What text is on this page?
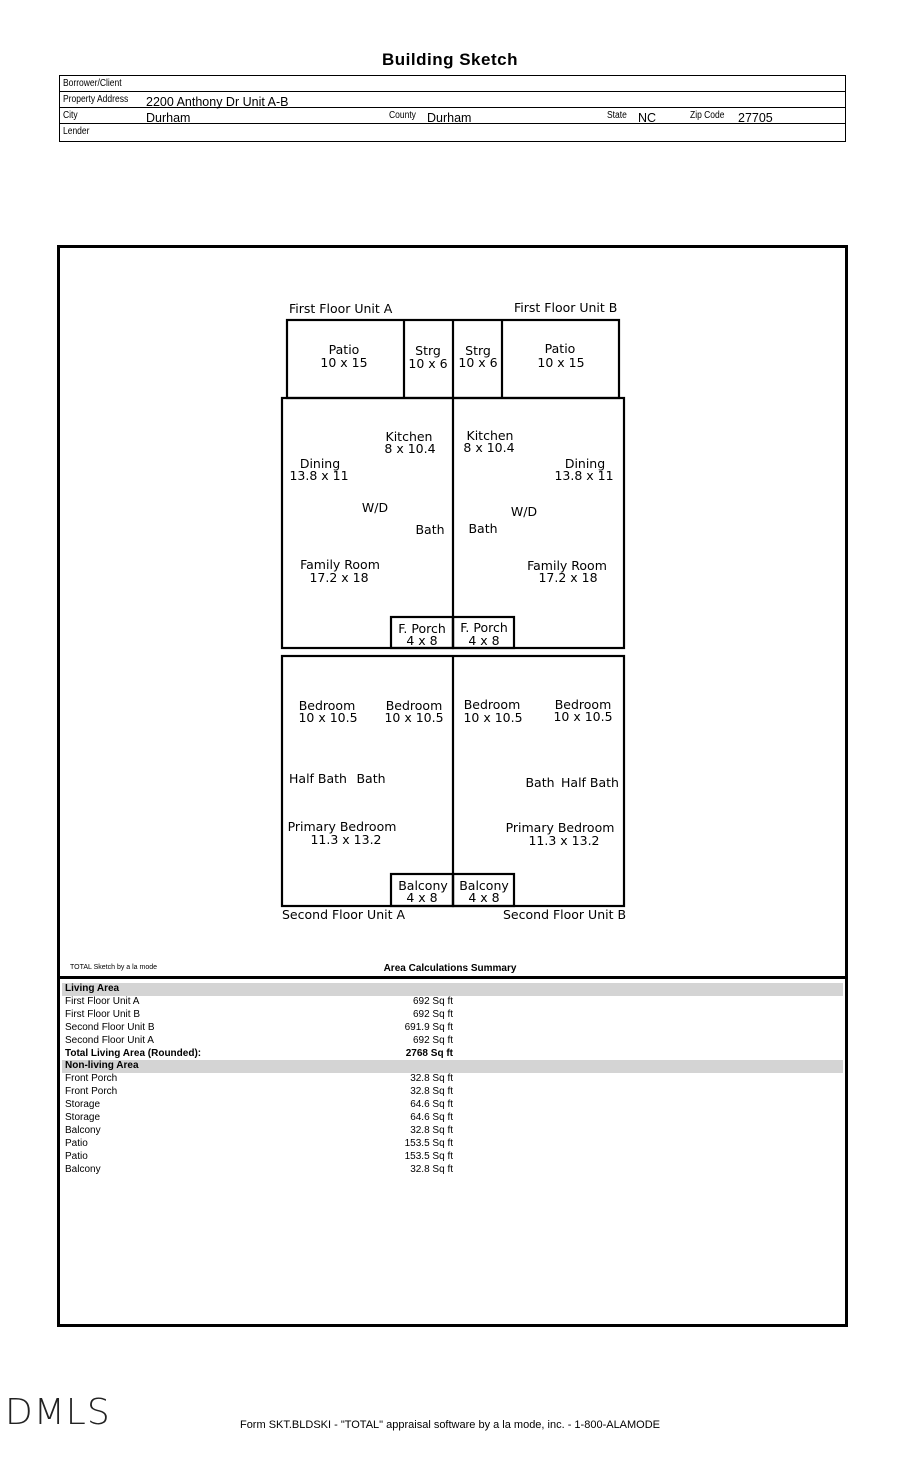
Building Sketch
Borrower/Client
Property Address 2200 Anthony Dr Unit A-B
City	Durham	County Durham	State NC	Zip Code 27705
Lender
First Floor Unit A	First Floor Unit B
Patio
10 x 15
Strg
10 x 6
Strg
10 x 6
Patio
10 x 15
Kitchen
8 x 10.4
Kitchen
8 x 10.4
Dining
13.8 x 11
Dining
13.8 x 11
W/D	W/D
Bath Bath
Family Room
17.2 x 18
Family Room
17.2 x 18
F. Porch
4 x 8
F. Porch
4 x 8
Bedroom
10 x 10.5
Bedroom
10 x 10.5
Bedroom
10 x 10.5
Bedroom
10 x 10.5
Half Bath Bath	Bath Half Bath
Primary Bedroom
11.3 x 13.2
Primary Bedroom
11.3 x 13.2
Balcony
4 x 8
Balcony
4 x 8
Second Floor Unit A	Second Floor Unit B
TOTAL Sketch by a la mode	Area Calculations Summary
Living Area
First Floor Unit A	692 Sq ft
First Floor Unit B	692 Sq ft
Second Floor Unit B	691.9 Sq ft
Second Floor Unit A	692 Sq ft
Total Living Area (Rounded):	2768 Sq ft
Non-living Area
Front Porch	32.8 Sq ft
Front Porch	32.8 Sq ft
Storage	64.6 Sq ft
Storage	64.6 Sq ft
Balcony	32.8 Sq ft
Patio	153.5 Sq ft
Patio	153.5 Sq ft
Balcony	32.8 Sq ft
DMLS	Form SKT.BLDSKI - "TOTAL" appraisal software by a la mode, inc. - 1-800-ALAMODE
